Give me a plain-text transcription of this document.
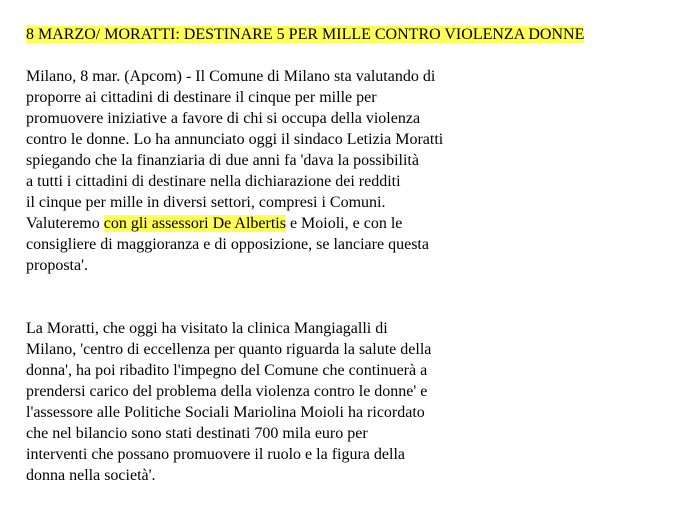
8 MARZO/ MORATTI: DESTINARE 5 PER MILLE CONTRO VIOLENZA DONNE
Milano, 8 mar. (Apcom) - Il Comune di Milano sta valutando di
proporre ai cittadini di destinare il cinque per mille per
promuovere iniziative a favore di chi si occupa della violenza
contro le donne. Lo ha annunciato oggi il sindaco Letizia Moratti
spiegando che la finanziaria di due anni fa 'dava la possibilità
a tutti i cittadini di destinare nella dichiarazione dei redditi
il cinque per mille in diversi settori, compresi i Comuni.
Valuteremo con gli assessori De Albertis e Moioli, e con le
consigliere di maggioranza e di opposizione, se lanciare questa
proposta'.
La Moratti, che oggi ha visitato la clinica Mangiagalli di
Milano, 'centro di eccellenza per quanto riguarda la salute della
donna', ha poi ribadito l'impegno del Comune che continuerà a
prendersi carico del problema della violenza contro le donne' e
l'assessore alle Politiche Sociali Mariolina Moioli ha ricordato
che nel bilancio sono stati destinati 700 mila euro per
interventi che possano promuovere il ruolo e la figura della
donna nella società'.
